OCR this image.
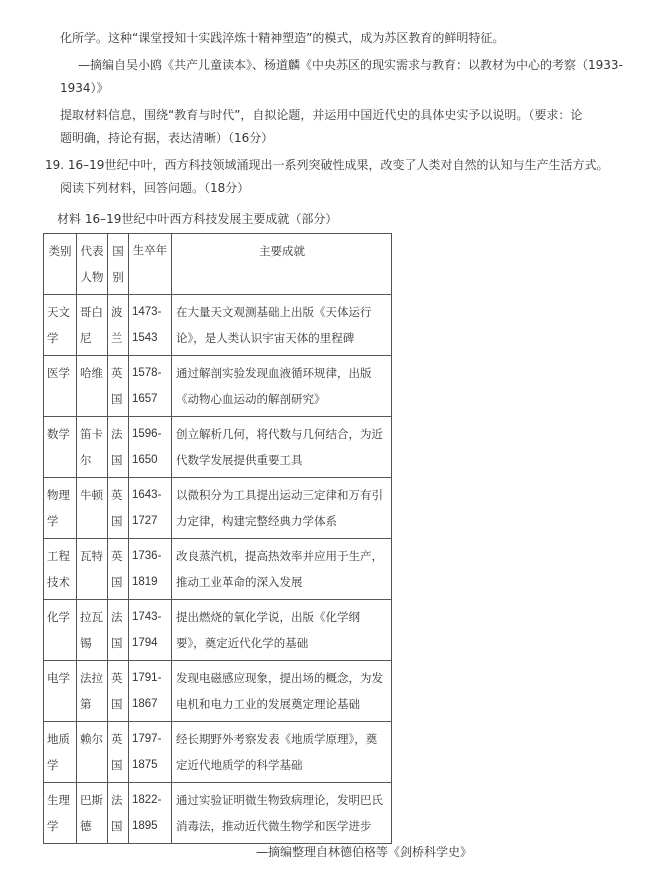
化所学。这种“课堂授知十实践淬炼十精神塑造”的模式，成为苏区教育的鲜明特征。
—摘编自吴小鸥《共产儿童读本》、杨道麟《中央苏区的现实需求与教育：以教材为中心的考察（1933-
1934）》
提取材料信息，围绕“教育与时代”，自拟论题，并运用中国近代史的具体史实予以说明。（要求：论
题明确，持论有据，表达清晰）（16分）
19. 16–19世纪中叶，西方科技领域涌现出一系列突破性成果，改变了人类对自然的认知与生产生活方式。
阅读下列材料，回答问题。（18分）
材料 16–19世纪中叶西方科技发展主要成就（部分）
类别	代表人物	国别	生卒年	主要成就
天文学	哥白尼	波兰	1473-1543	在大量天文观测基础上出版《天体运行论》，是人类认识宇宙天体的里程碑
医学	哈维	英国	1578-1657	通过解剖实验发现血液循环规律，出版《动物心血运动的解剖研究》
数学	笛卡尔	法国	1596-1650	创立解析几何，将代数与几何结合，为近代数学发展提供重要工具
物理学	牛顿	英国	1643-1727	以微积分为工具提出运动三定律和万有引力定律，构建完整经典力学体系
工程技术	瓦特	英国	1736-1819	改良蒸汽机，提高热效率并应用于生产，推动工业革命的深入发展
化学	拉瓦锡	法国	1743-1794	提出燃烧的氧化学说，出版《化学纲要》，奠定近代化学的基础
电学	法拉第	英国	1791-1867	发现电磁感应现象，提出场的概念，为发电机和电力工业的发展奠定理论基础
地质学	赖尔	英国	1797-1875	经长期野外考察发表《地质学原理》，奠定近代地质学的科学基础
生理学	巴斯德	法国	1822-1895	通过实验证明微生物致病理论，发明巴氏消毒法，推动近代微生物学和医学进步
—摘编整理自林德伯格等《剑桥科学史》
